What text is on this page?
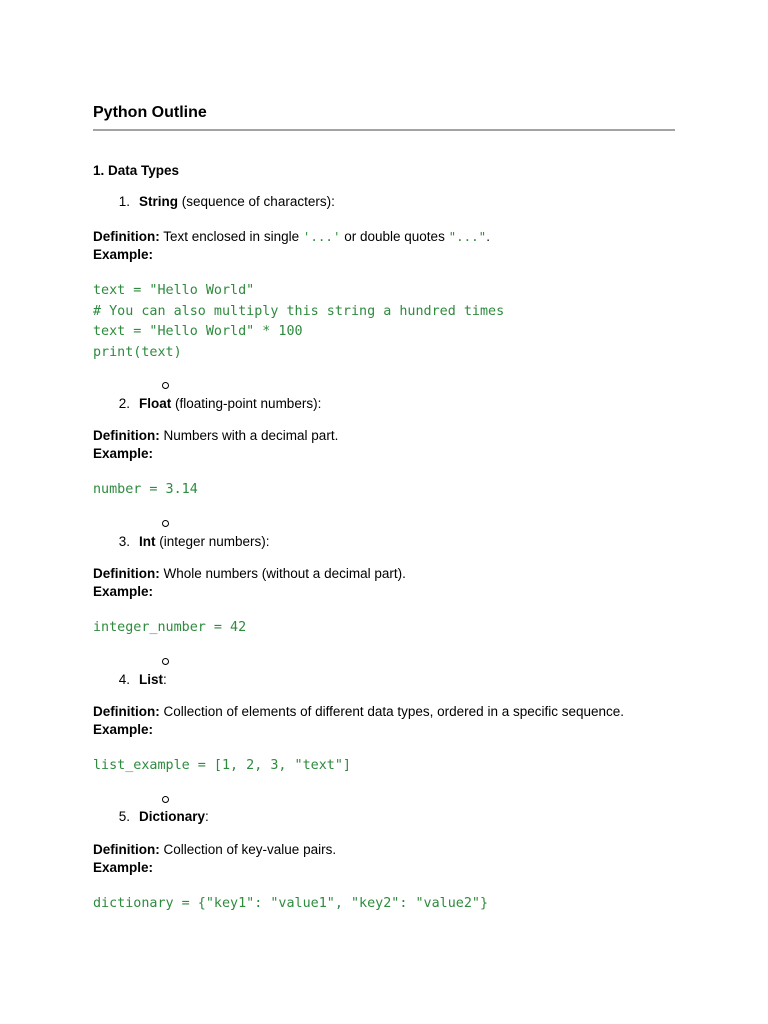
Python Outline
1. Data Types
1. String (sequence of characters):
Definition: Text enclosed in single '...' or double quotes "...".
Example:
text = "Hello World"
# You can also multiply this string a hundred times
text = "Hello World" * 100
print(text)
2. Float (floating-point numbers):
Definition: Numbers with a decimal part.
Example:
number = 3.14
3. Int (integer numbers):
Definition: Whole numbers (without a decimal part).
Example:
integer_number = 42
4. List:
Definition: Collection of elements of different data types, ordered in a specific sequence.
Example:
list_example = [1, 2, 3, "text"]
5. Dictionary:
Definition: Collection of key-value pairs.
Example:
dictionary = {"key1": "value1", "key2": "value2"}
